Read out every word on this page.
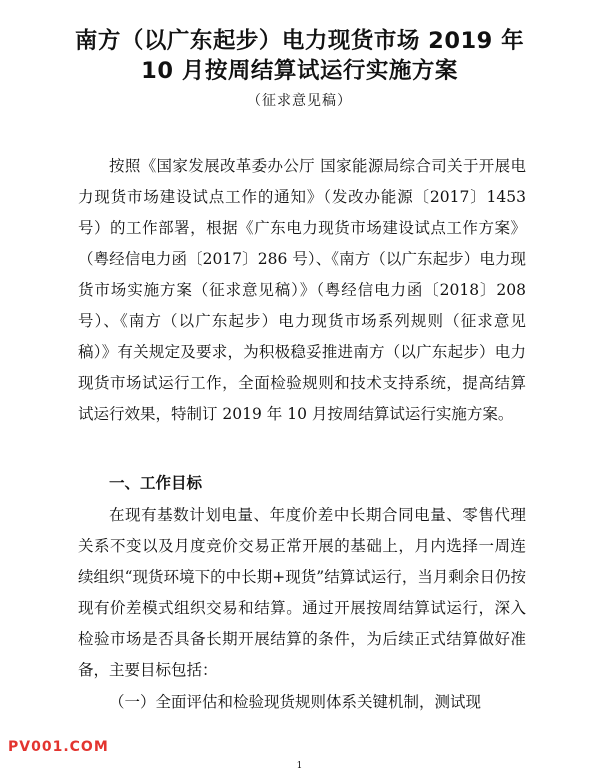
南方（以广东起步）电力现货市场 2019 年
10 月按周结算试运行实施方案
（征求意见稿）

按照《国家发展改革委办公厅 国家能源局综合司关于开展电力现货市场建设试点工作的通知》（发改办能源〔2017〕1453 号）的工作部署，根据《广东电力现货市场建设试点工作方案》（粤经信电力函〔2017〕286 号）、《南方（以广东起步）电力现货市场实施方案（征求意见稿）》（粤经信电力函〔2018〕208 号）、《南方（以广东起步）电力现货市场系列规则（征求意见稿）》有关规定及要求，为积极稳妥推进南方（以广东起步）电力现货市场试运行工作，全面检验规则和技术支持系统，提高结算试运行效果，特制订 2019 年 10 月按周结算试运行实施方案。

一、工作目标

在现有基数计划电量、年度价差中长期合同电量、零售代理关系不变以及月度竞价交易正常开展的基础上，月内选择一周连续组织“现货环境下的中长期+现货”结算试运行，当月剩余日仍按现有价差模式组织交易和结算。通过开展按周结算试运行，深入检验市场是否具备长期开展结算的条件，为后续正式结算做好准备，主要目标包括：

（一）全面评估和检验现货规则体系关键机制，测试现
PV001.COM
1
